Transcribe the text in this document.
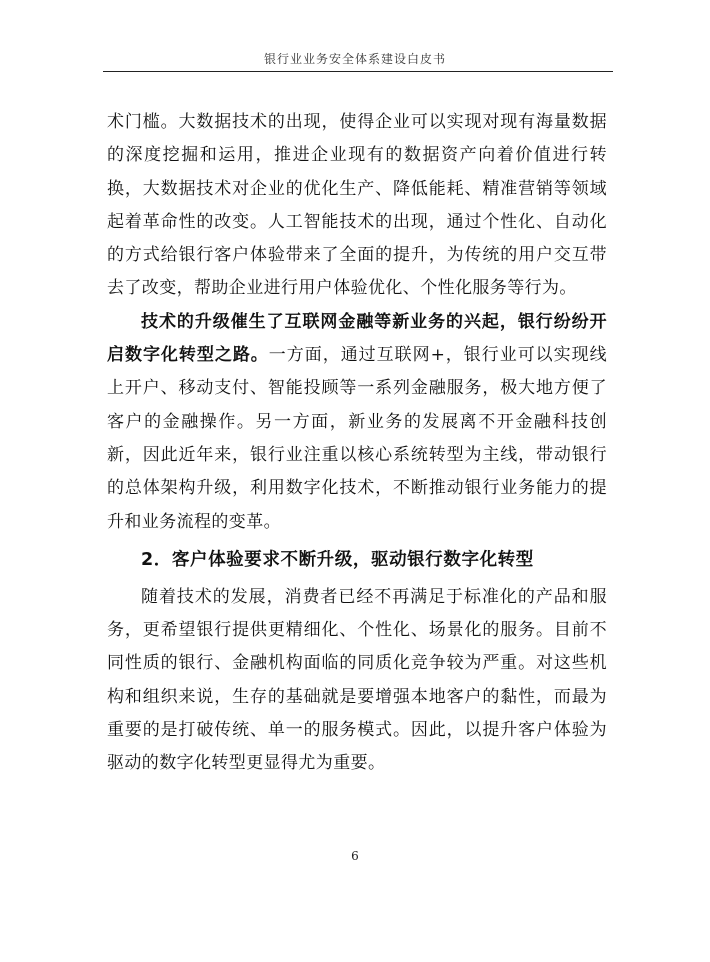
银行业业务安全体系建设白皮书

术门槛。大数据技术的出现，使得企业可以实现对现有海量数据的深度挖掘和运用，推进企业现有的数据资产向着价值进行转换，大数据技术对企业的优化生产、降低能耗、精准营销等领域起着革命性的改变。人工智能技术的出现，通过个性化、自动化的方式给银行客户体验带来了全面的提升，为传统的用户交互带去了改变，帮助企业进行用户体验优化、个性化服务等行为。

技术的升级催生了互联网金融等新业务的兴起，银行纷纷开启数字化转型之路。一方面，通过互联网+，银行业可以实现线上开户、移动支付、智能投顾等一系列金融服务，极大地方便了客户的金融操作。另一方面，新业务的发展离不开金融科技创新，因此近年来，银行业注重以核心系统转型为主线，带动银行的总体架构升级，利用数字化技术，不断推动银行业务能力的提升和业务流程的变革。

2．客户体验要求不断升级，驱动银行数字化转型

随着技术的发展，消费者已经不再满足于标准化的产品和服务，更希望银行提供更精细化、个性化、场景化的服务。目前不同性质的银行、金融机构面临的同质化竞争较为严重。对这些机构和组织来说，生存的基础就是要增强本地客户的黏性，而最为重要的是打破传统、单一的服务模式。因此，以提升客户体验为驱动的数字化转型更显得尤为重要。

6
